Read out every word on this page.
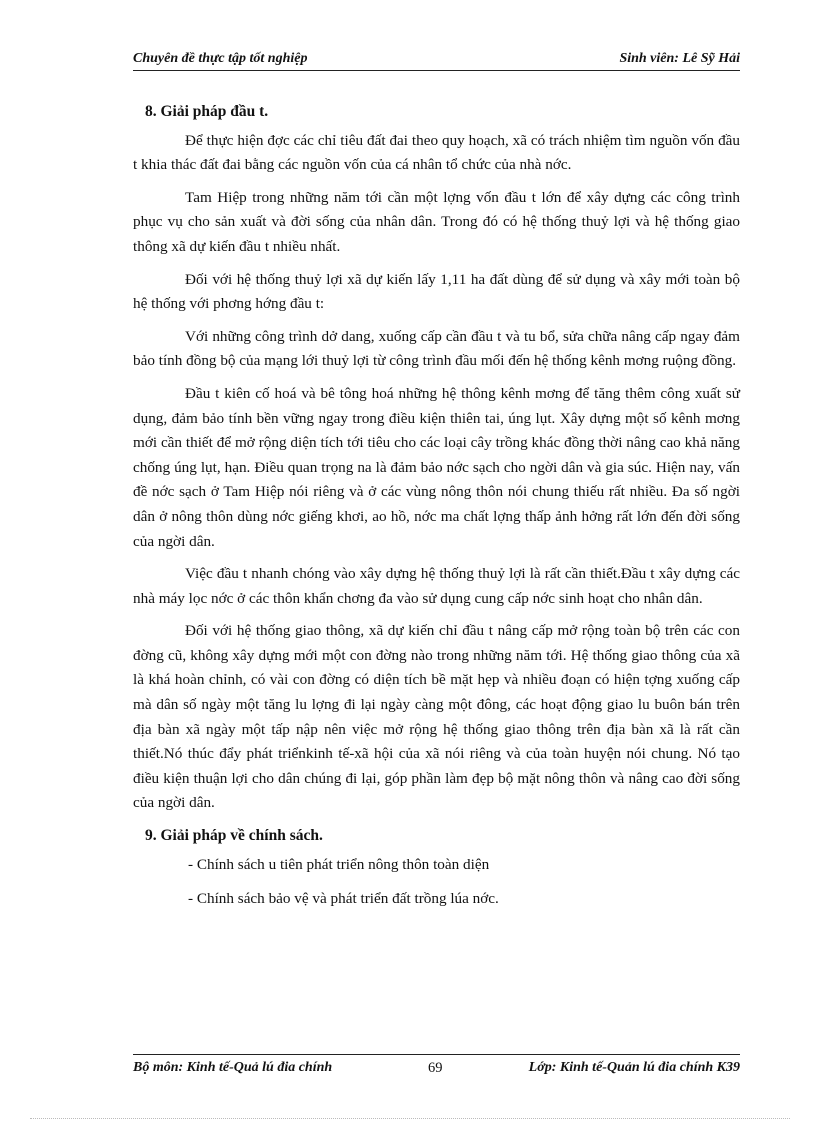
Chuyên đề thực tập tốt nghiệp	Sinh viên: Lê Sỹ Hải
8. Giải pháp đầu t.

Để thực hiện đợc các chỉ tiêu đất đai theo quy hoạch, xã có trách nhiệm tìm nguồn vốn đầu t khia thác đất đai bằng các nguồn vốn của cá nhân tổ chức của nhà nớc.

Tam Hiệp trong những năm tới cần một lợng vốn đầu t lớn để xây dựng các công trình phục vụ cho sản xuất và đời sống của nhân dân. Trong đó có hệ thống thuỷ lợi và hệ thống giao thông xã dự kiến đầu t nhiều nhất.

Đối với hệ thống thuỷ lợi xã dự kiến lấy 1,11 ha đất dùng để sử dụng và xây mới toàn bộ hệ thống với phơng hớng đầu t:

Với những công trình dở dang, xuống cấp cần đầu t và tu bổ, sửa chữa nâng cấp ngay đảm bảo tính đồng bộ của mạng lới thuỷ lợi từ công trình đầu mối đến hệ thống kênh mơng ruộng đồng.

Đầu t kiên cố hoá và bê tông hoá những hệ thông kênh mơng để tăng thêm công xuất sử dụng, đảm bảo tính bền vững ngay trong điều kiện thiên tai, úng lụt. Xây dựng một số kênh mơng mới cần thiết để mở rộng diện tích tới tiêu cho các loại cây trồng khác đồng thời nâng cao khả năng chống úng lụt, hạn. Điều quan trọng na là đảm bảo nớc sạch cho ngời dân và gia súc. Hiện nay, vấn đề nớc sạch ở Tam Hiệp nói riêng và ở các vùng nông thôn nói chung thiếu rất nhiều. Đa số ngời dân ở nông thôn dùng nớc giếng khơi, ao hồ, nớc ma chất lợng thấp ảnh hởng rất lớn đến đời sống của ngời dân.

Việc đầu t nhanh chóng vào xây dựng hệ thống thuỷ lợi là rất cần thiết.Đầu t xây dựng các nhà máy lọc nớc ở các thôn khẩn chơng đa vào sử dụng cung cấp nớc sinh hoạt cho nhân dân.

Đối với hệ thống giao thông, xã dự kiến chỉ đầu t nâng cấp mở rộng toàn bộ trên các con đờng cũ, không xây dựng mới một con đờng nào trong những năm tới. Hệ thống giao thông của xã là khá hoàn chỉnh, có vài con đờng có diện tích bề mặt hẹp và nhiều đoạn có hiện tợng xuống cấp mà dân số ngày một tăng lu lợng đi lại ngày càng một đông, các hoạt động giao lu buôn bán trên địa bàn xã ngày một tấp nập nên việc mở rộng hệ thống giao thông trên địa bàn xã là rất cần thiết.Nó thúc đẩy phát triểnkinh tế-xã hội của xã nói riêng và của toàn huyện nói chung. Nó tạo điều kiện thuận lợi cho dân chúng đi lại, góp phần làm đẹp bộ mặt nông thôn và nâng cao đời sống của ngời dân.

9. Giải pháp về chính sách.
- Chính sách u tiên phát triển nông thôn toàn diện
- Chính sách bảo vệ và phát triển đất trồng lúa nớc.
Bộ môn: Kinh tế-Quả lú đia chính	69	Lớp: Kinh tế-Quản lú đia chính K39
